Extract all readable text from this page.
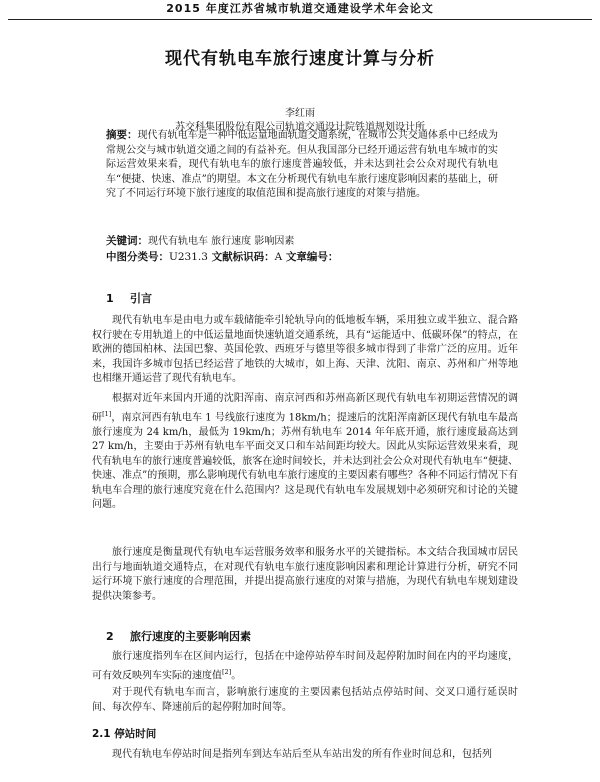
2015 年度江苏省城市轨道交通建设学术年会论文
现代有轨电车旅行速度计算与分析
李红雨
苏交科集团股份有限公司轨道交通设计院铁道规划设计所
摘要：现代有轨电车是一种中低运量地面轨道交通系统，在城市公共交通体系中已经成为常规公交与城市轨道交通之间的有益补充。但从我国部分已经开通运营有轨电车城市的实际运营效果来看，现代有轨电车的旅行速度普遍较低，并未达到社会公众对现代有轨电车“便捷、快速、准点”的期望。本文在分析现代有轨电车旅行速度影响因素的基础上，研究了不同运行环境下旅行速度的取值范围和提高旅行速度的对策与措施。
关键词：现代有轨电车 旅行速度 影响因素
中图分类号：U231.3 文献标识码：A 文章编号：
1 引言
现代有轨电车是由电力或车载储能牵引轮轨导向的低地板车辆，采用独立或半独立、混合路权行驶在专用轨道上的中低运量地面快速轨道交通系统，具有“运能适中、低碳环保”的特点，在欧洲的德国柏林、法国巴黎、英国伦敦、西班牙与德里等很多城市得到了非常广泛的应用。近年来，我国许多城市包括已经运营了地铁的大城市，如上海、天津、沈阳、南京、苏州和广州等地也相继开通运营了现代有轨电车。
根据对近年来国内开通的沈阳浑南、南京河西和苏州高新区现代有轨电车初期运营情况的调研[1]，南京河西有轨电车 1 号线旅行速度为 18km/h；提速后的沈阳浑南新区现代有轨电车最高旅行速度为 24 km/h，最低为 19km/h；苏州有轨电车 2014 年年底开通，旅行速度最高达到 27 km/h，主要由于苏州有轨电车平面交叉口和车站间距均较大。因此从实际运营效果来看，现代有轨电车的旅行速度普遍较低，旅客在途时间较长，并未达到社会公众对现代有轨电车“便捷、快速、准点”的预期，那么影响现代有轨电车旅行速度的主要因素有哪些？各种不同运行情况下有轨电车合理的旅行速度究竟在什么范围内？这是现代有轨电车发展规划中必须研究和讨论的关键问题。
旅行速度是衡量现代有轨电车运营服务效率和服务水平的关键指标。本文结合我国城市居民出行与地面轨道交通特点，在对现代有轨电车旅行速度影响因素和理论计算进行分析，研究不同运行环境下旅行速度的合理范围，并提出提高旅行速度的对策与措施，为现代有轨电车规划建设提供决策参考。
2 旅行速度的主要影响因素
旅行速度指列车在区间内运行，包括在中途停站停车时间及起停附加时间在内的平均速度，可有效反映列车实际的速度值[2]。
对于现代有轨电车而言，影响旅行速度的主要因素包括站点停站时间、交叉口通行延误时间、每次停车、降速前后的起停附加时间等。
2.1 停站时间
现代有轨电车停站时间是指列车到达车站后至从车站出发的所有作业时间总和，包括列
